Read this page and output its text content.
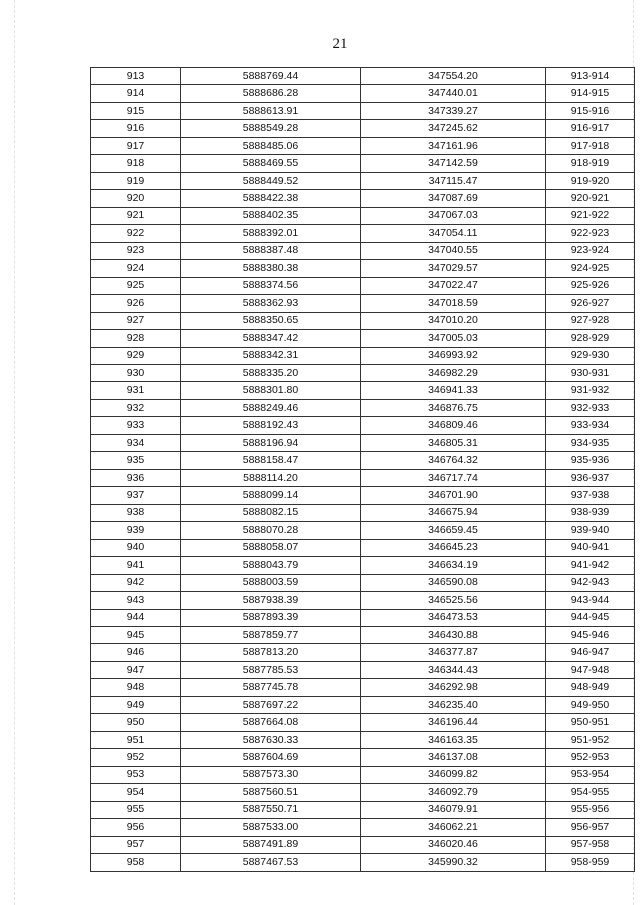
21
913	5888769.44	347554.20	913-914
914	5888686.28	347440.01	914-915
915	5888613.91	347339.27	915-916
916	5888549.28	347245.62	916-917
917	5888485.06	347161.96	917-918
918	5888469.55	347142.59	918-919
919	5888449.52	347115.47	919-920
920	5888422.38	347087.69	920-921
921	5888402.35	347067.03	921-922
922	5888392.01	347054.11	922-923
923	5888387.48	347040.55	923-924
924	5888380.38	347029.57	924-925
925	5888374.56	347022.47	925-926
926	5888362.93	347018.59	926-927
927	5888350.65	347010.20	927-928
928	5888347.42	347005.03	928-929
929	5888342.31	346993.92	929-930
930	5888335.20	346982.29	930-931
931	5888301.80	346941.33	931-932
932	5888249.46	346876.75	932-933
933	5888192.43	346809.46	933-934
934	5888196.94	346805.31	934-935
935	5888158.47	346764.32	935-936
936	5888114.20	346717.74	936-937
937	5888099.14	346701.90	937-938
938	5888082.15	346675.94	938-939
939	5888070.28	346659.45	939-940
940	5888058.07	346645.23	940-941
941	5888043.79	346634.19	941-942
942	5888003.59	346590.08	942-943
943	5887938.39	346525.56	943-944
944	5887893.39	346473.53	944-945
945	5887859.77	346430.88	945-946
946	5887813.20	346377.87	946-947
947	5887785.53	346344.43	947-948
948	5887745.78	346292.98	948-949
949	5887697.22	346235.40	949-950
950	5887664.08	346196.44	950-951
951	5887630.33	346163.35	951-952
952	5887604.69	346137.08	952-953
953	5887573.30	346099.82	953-954
954	5887560.51	346092.79	954-955
955	5887550.71	346079.91	955-956
956	5887533.00	346062.21	956-957
957	5887491.89	346020.46	957-958
958	5887467.53	345990.32	958-959
